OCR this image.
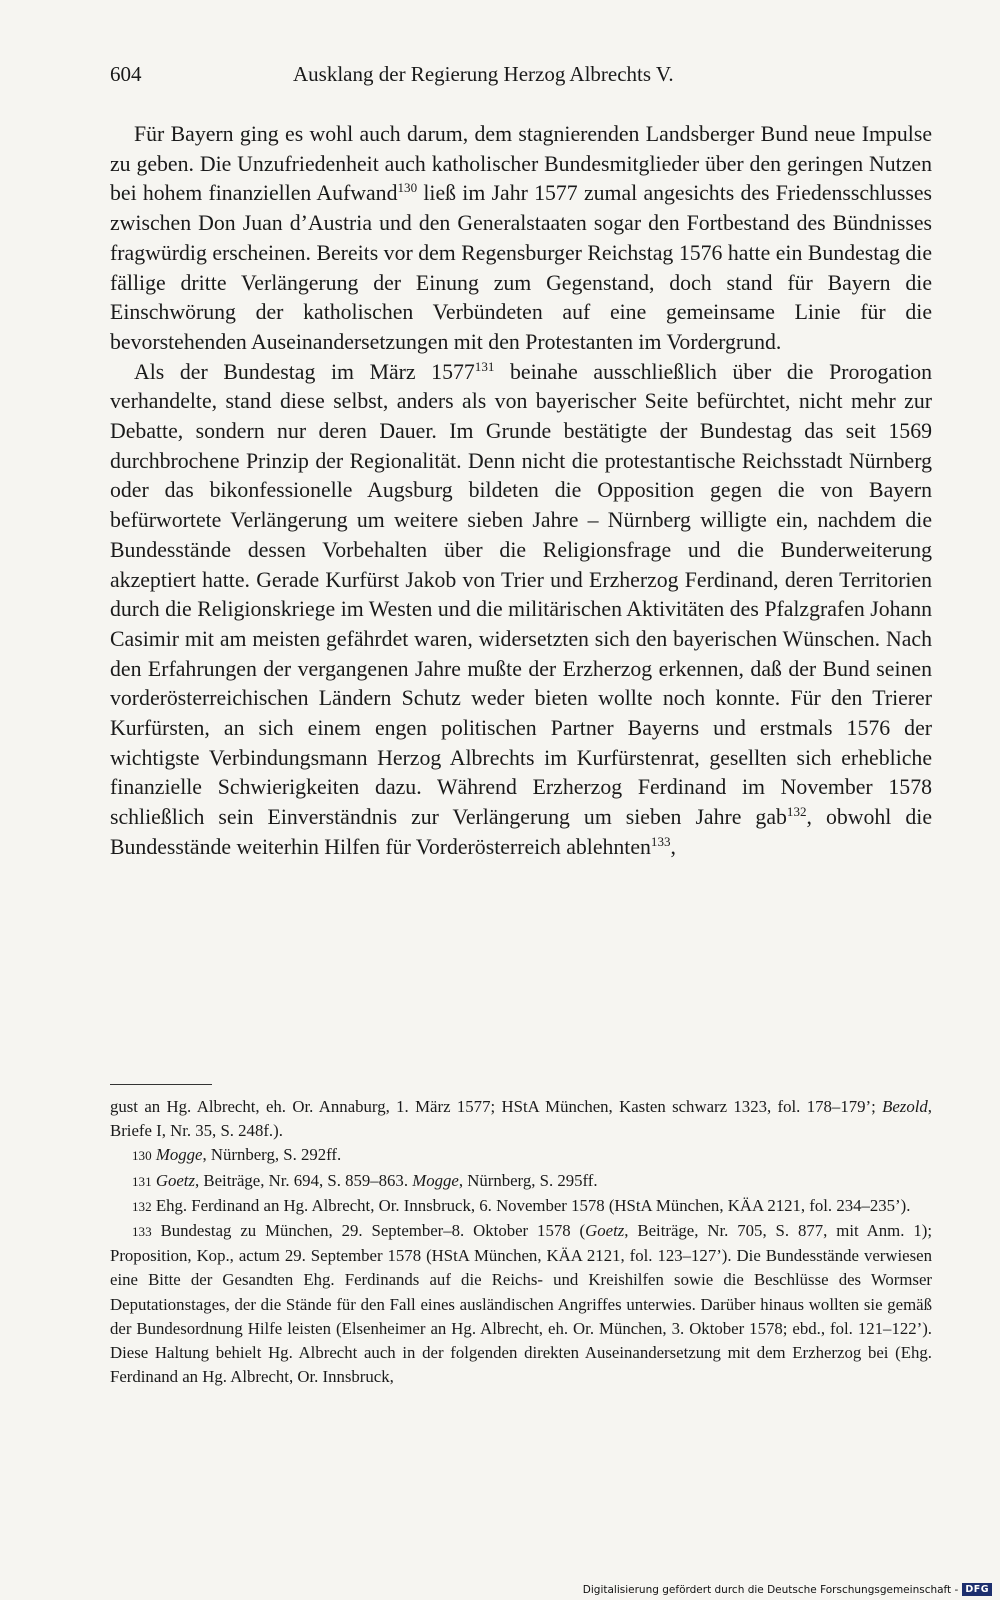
604	Ausklang der Regierung Herzog Albrechts V.

Für Bayern ging es wohl auch darum, dem stagnierenden Landsberger Bund neue Impulse zu geben. Die Unzufriedenheit auch katholischer Bundesmitglieder über den geringen Nutzen bei hohem finanziellen Aufwand$^{130}$ ließ im Jahr 1577 zumal angesichts des Friedensschlusses zwischen Don Juan d’Austria und den Generalstaaten sogar den Fortbestand des Bündnisses fragwürdig erscheinen. Bereits vor dem Regensburger Reichstag 1576 hatte ein Bundestag die fällige dritte Verlängerung der Einung zum Gegenstand, doch stand für Bayern die Einschwörung der katholischen Verbündeten auf eine gemeinsame Linie für die bevorstehenden Auseinandersetzungen mit den Protestanten im Vordergrund.

Als der Bundestag im März 1577$^{131}$ beinahe ausschließlich über die Prorogation verhandelte, stand diese selbst, anders als von bayerischer Seite befürchtet, nicht mehr zur Debatte, sondern nur deren Dauer. Im Grunde bestätigte der Bundestag das seit 1569 durchbrochene Prinzip der Regionalität. Denn nicht die protestantische Reichsstadt Nürnberg oder das bikonfessionelle Augsburg bildeten die Opposition gegen die von Bayern befürwortete Verlängerung um weitere sieben Jahre – Nürnberg willigte ein, nachdem die Bundesstände dessen Vorbehalten über die Religionsfrage und die Bunderweiterung akzeptiert hatte. Gerade Kurfürst Jakob von Trier und Erzherzog Ferdinand, deren Territorien durch die Religionskriege im Westen und die militärischen Aktivitäten des Pfalzgrafen Johann Casimir mit am meisten gefährdet waren, widersetzten sich den bayerischen Wünschen. Nach den Erfahrungen der vergangenen Jahre mußte der Erzherzog erkennen, daß der Bund seinen vorderösterreichischen Ländern Schutz weder bieten wollte noch konnte. Für den Trierer Kurfürsten, an sich einem engen politischen Partner Bayerns und erstmals 1576 der wichtigste Verbindungsmann Herzog Albrechts im Kurfürstenrat, gesellten sich erhebliche finanzielle Schwierigkeiten dazu. Während Erzherzog Ferdinand im November 1578 schließlich sein Einverständnis zur Verlängerung um sieben Jahre gab$^{132}$, obwohl die Bundesstände weiterhin Hilfen für Vorderösterreich ablehnten$^{133}$,

gust an Hg. Albrecht, eh. Or. Annaburg, 1. März 1577; HStA München, Kasten schwarz 1323, fol. 178–179’; Bezold, Briefe I, Nr. 35, S. 248f.).

130 Mogge, Nürnberg, S. 292ff.

131 Goetz, Beiträge, Nr. 694, S. 859–863. Mogge, Nürnberg, S. 295ff.

132 Ehg. Ferdinand an Hg. Albrecht, Or. Innsbruck, 6. November 1578 (HStA München, KÄA 2121, fol. 234–235’).

133 Bundestag zu München, 29. September–8. Oktober 1578 (Goetz, Beiträge, Nr. 705, S. 877, mit Anm. 1); Proposition, Kop., actum 29. September 1578 (HStA München, KÄA 2121, fol. 123–127’). Die Bundesstände verwiesen eine Bitte der Gesandten Ehg. Ferdinands auf die Reichs- und Kreishilfen sowie die Beschlüsse des Wormser Deputationstages, der die Stände für den Fall eines ausländischen Angriffes unterwies. Darüber hinaus wollten sie gemäß der Bundesordnung Hilfe leisten (Elsenheimer an Hg. Albrecht, eh. Or. München, 3. Oktober 1578; ebd., fol. 121–122’). Diese Haltung behielt Hg. Albrecht auch in der folgenden direkten Auseinandersetzung mit dem Erzherzog bei (Ehg. Ferdinand an Hg. Albrecht, Or. Innsbruck,

Digitalisierung gefördert durch die Deutsche Forschungsgemeinschaft - DFG
